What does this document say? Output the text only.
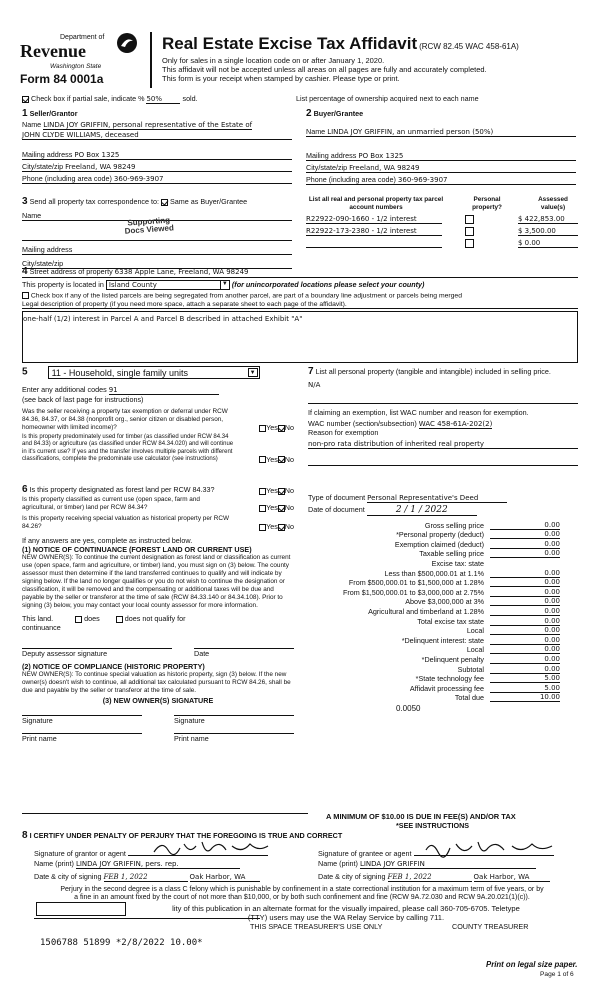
Department of
Revenue
Washington State
Form 84 0001a
Real Estate Excise Tax Affidavit (RCW 82.45 WAC 458-61A)
Only for sales in a single location code on or after January 1, 2020.
This affidavit will not be accepted unless all areas on all pages are fully and accurately completed.
This form is your receipt when stamped by cashier. Please type or print.
Check box if partial sale, indicate % 50%	sold.	List percentage of ownership acquired next to each name
1 Seller/Grantor
Name LINDA JOY GRIFFIN, personal representative of the Estate of
JOHN CLYDE WILLIAMS, deceased
Mailing address PO Box 1325
City/state/zip Freeland, WA 98249
Phone (including area code) 360-969-3907
2 Buyer/Grantee
Name LINDA JOY GRIFFIN, an unmarried person (50%)
Mailing address PO Box 1325
City/state/zip Freeland, WA 98249
Phone (including area code) 360-969-3907
3 Send all property tax correspondence to: Same as Buyer/Grantee
Name
Mailing address
City/state/zip
Supporting Docs Viewed
List all real and personal property tax parcel account numbers
Personal property?
Assessed value(s)
R22922-090-1660 - 1/2 interest	$ 422,853.00
R22922-173-2380 - 1/2 interest	$ 3,500.00
$ 0.00
4 Street address of property 6338 Apple Lane, Freeland, WA 98249
This property is located in Island County	▼ (for unincorporated locations please select your county)
Check box if any of the listed parcels are being segregated from another parcel, are part of a boundary line adjustment or parcels being merged
Legal description of property (if you need more space, attach a separate sheet to each page of the affidavit).
one-half (1/2) interest in Parcel A and Parcel B described in attached Exhibit "A"
5	11 - Household, single family units	▼
Enter any additional codes 91
(see back of last page for instructions)
Was the seller receiving a property tax exemption or deferral under RCW 84.36, 84.37, or 84.38 (nonprofit org., senior citizen or disabled person, homeowner with limited income)?	Yes No
Is this property predominately used for timber (as classified under RCW 84.34 and 84.33) or agriculture (as classified under RCW 84.34.020) and will continue in it's current use? If yes and the transfer involves multiple parcels with different classifications, complete the predominate use calculator (see instructions)	Yes No
6 Is this property designated as forest land per RCW 84.33?	Yes No
Is this property classified as current use (open space, farm and agricultural, or timber) land per RCW 84.34?	Yes No
Is this property receiving special valuation as historical property per RCW 84.26?	Yes No
If any answers are yes, complete as instructed below.
(1) NOTICE OF CONTINUANCE (FOREST LAND OR CURRENT USE)
NEW OWNER(S): To continue the current designation as forest land or classification as current use (open space, farm and agriculture, or timber) land, you must sign on (3) below. The county assessor must then determine if the land transferred continues to qualify and will indicate by signing below. If the land no longer qualifies or you do not wish to continue the designation or classification, it will be removed and the compensating or additional taxes will be due and payable by the seller or transferor at the time of sale (RCW 84.33.140 or 84.34.108). Prior to signing (3) below, you may contact your local county assessor for more information.
This land.	does	does not qualify for
continuance
Deputy assessor signature	Date
(2) NOTICE OF COMPLIANCE (HISTORIC PROPERTY)
NEW OWNER(S): To continue special valuation as historic property, sign (3) below. If the new owner(s) doesn't wish to continue, all additional tax calculated pursuant to RCW 84.26, shall be due and payable by the seller or transferor at the time of sale.
(3) NEW OWNER(S) SIGNATURE
Signature	Signature
Print name	Print name
7 List all personal property (tangible and intangible) included in selling price.
N/A
If claiming an exemption, list WAC number and reason for exemption.
WAC number (section/subsection) WAC 458-61A-202(2)
Reason for exemption
non-pro rata distribution of inherited real property
Type of document Personal Representative's Deed
Date of document	2 / 1 / 2022
Gross selling price	0.00
*Personal property (deduct)	0.00
Exemption claimed (deduct)	0.00
Taxable selling price	0.00
Excise tax: state
Less than $500,000.01 at 1.1%	0.00
From $500,000.01 to $1,500,000 at 1.28%	0.00
From $1,500,000.01 to $3,000,000 at 2.75%	0.00
Above $3,000,000 at 3%	0.00
Agricultural and timberland at 1.28%	0.00
Total excise tax state	0.00
Local	0.00
*Delinquent interest: state	0.00
Local	0.00
*Delinquent penalty	0.00
Subtotal	0.00
*State technology fee	5.00
Affidavit processing fee	5.00
Total due	10.00
0.0050
A MINIMUM OF $10.00 IS DUE IN FEE(S) AND/OR TAX
*SEE INSTRUCTIONS
8 I CERTIFY UNDER PENALTY OF PERJURY THAT THE FOREGOING IS TRUE AND CORRECT
Signature of grantor or agent
Name (print) LINDA JOY GRIFFIN, pers. rep.
Date & city of signing FEB 1, 2022	Oak Harbor, WA
Signature of grantee or agent
Name (print) LINDA JOY GRIFFIN
Date & city of signing FEB 1, 2022	Oak Harbor, WA
Perjury in the second degree is a class C felony which is punishable by confinement in a state correctional institution for a maximum term of five years, or by
a fine in an amount fixed by the court of not more than $10,000, or by both such confinement and fine (RCW 9A.72.030 and RCW 9A.20.021(1)(c)).
lity of this publication in an alternate format for the visually impaired, please call 360-705-6705. Teletype
(TTY) users may use the WA Relay Service by calling 711.
THIS SPACE TREASURER'S USE ONLY	COUNTY TREASURER
1506788 51899 *2/8/2022 10.00*
Print on legal size paper.
Page 1 of 6
